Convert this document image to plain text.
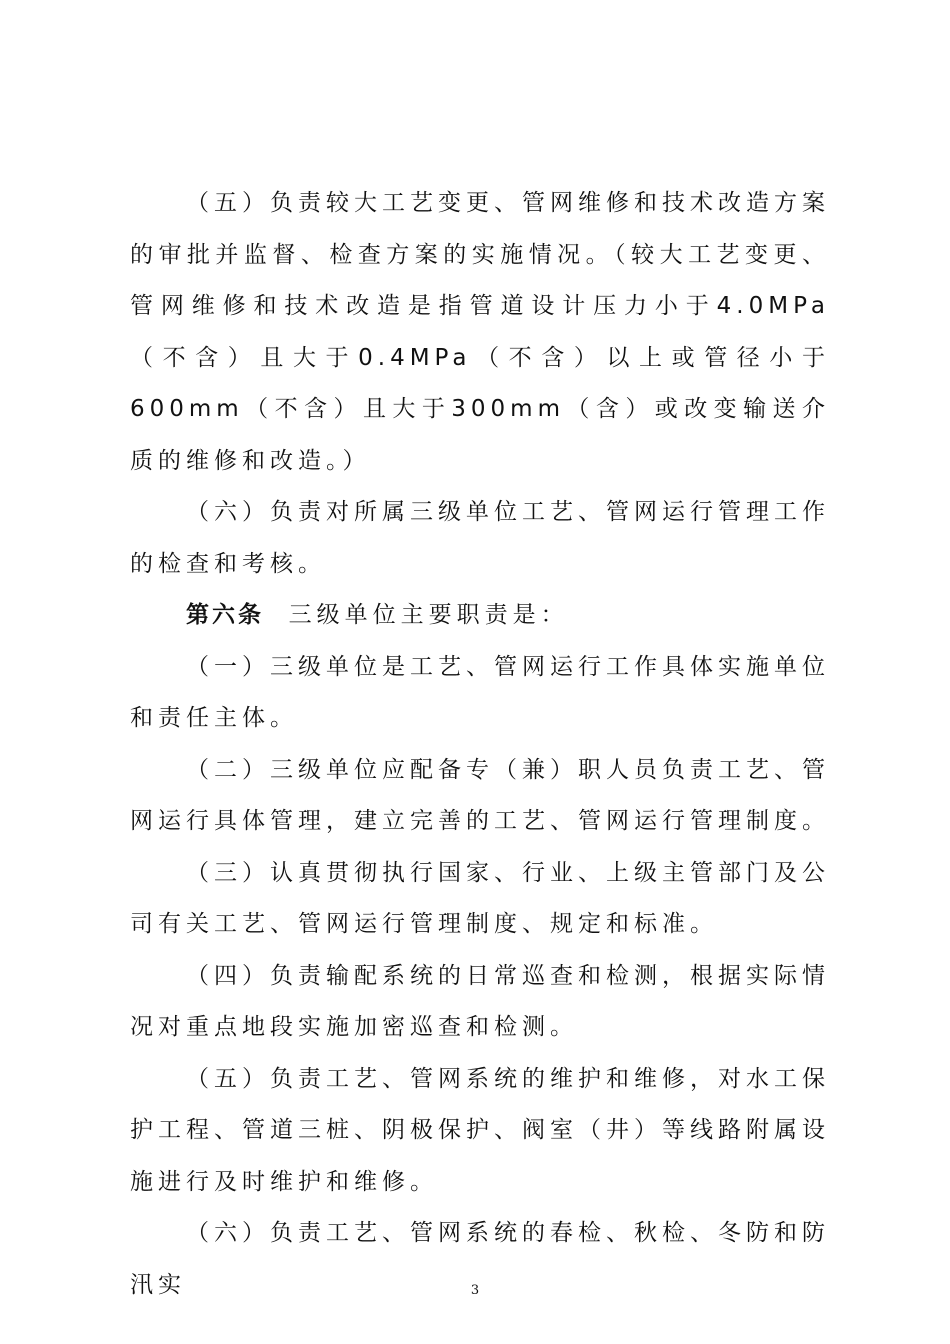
（五）负责较大工艺变更、管网维修和技术改造方案的审批并监督、检查方案的实施情况。（较大工艺变更、管网维修和技术改造是指管道设计压力小于4.0MPa（不含）且大于0.4MPa（不含）以上或管径小于600mm（不含）且大于300mm（含）或改变输送介质的维修和改造。）

（六）负责对所属三级单位工艺、管网运行管理工作的检查和考核。

第六条 三级单位主要职责是：

（一）三级单位是工艺、管网运行工作具体实施单位和责任主体。

（二）三级单位应配备专（兼）职人员负责工艺、管网运行具体管理，建立完善的工艺、管网运行管理制度。

（三）认真贯彻执行国家、行业、上级主管部门及公司有关工艺、管网运行管理制度、规定和标准。

（四）负责输配系统的日常巡查和检测，根据实际情况对重点地段实施加密巡查和检测。

（五）负责工艺、管网系统的维护和维修，对水工保护工程、管道三桩、阴极保护、阀室（井）等线路附属设施进行及时维护和维修。

（六）负责工艺、管网系统的春检、秋检、冬防和防汛实	3
